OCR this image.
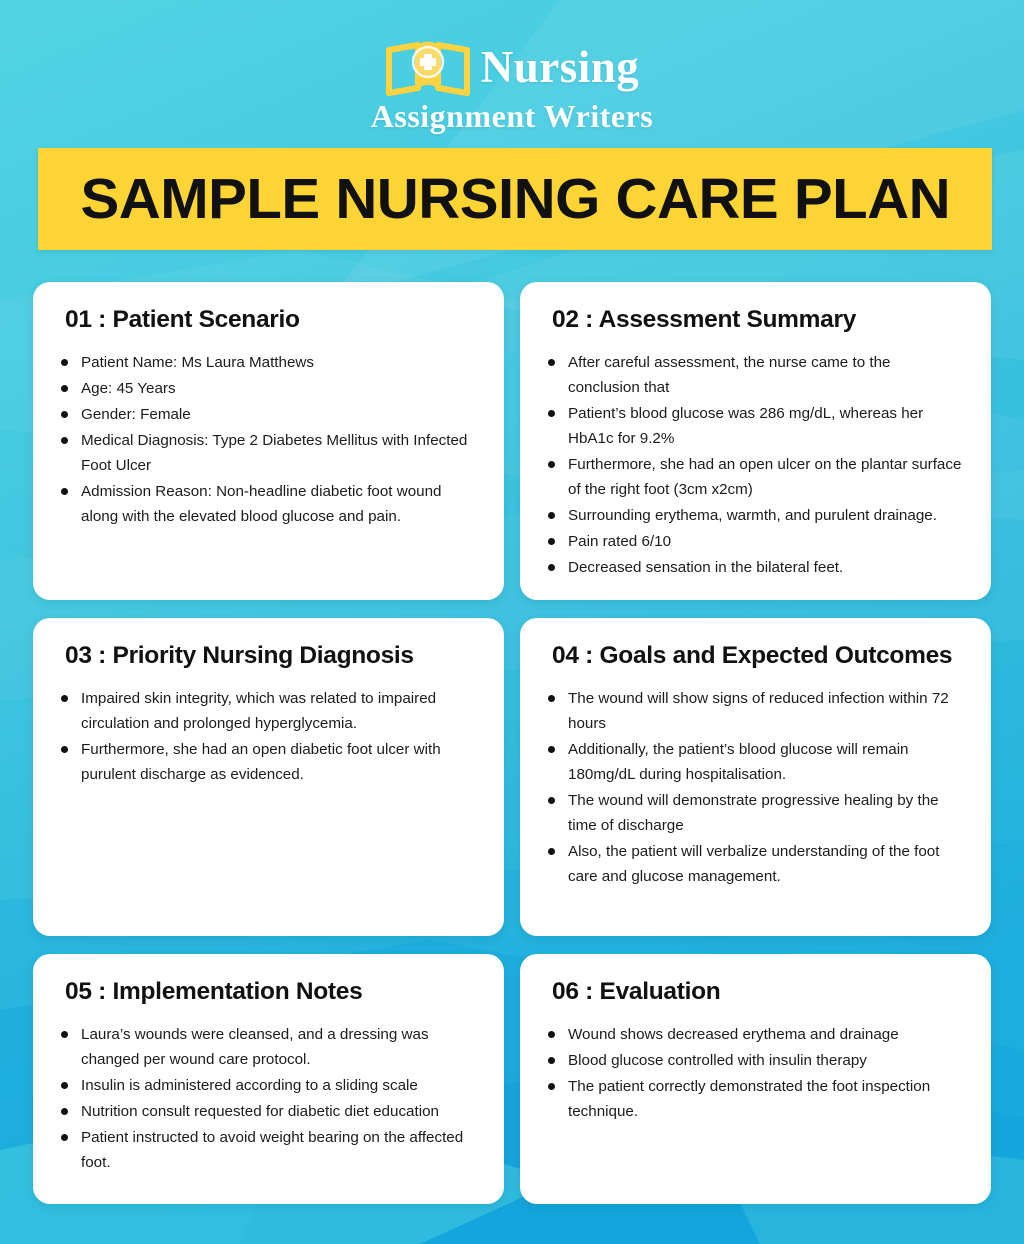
Nursing
Assignment Writers
SAMPLE NURSING CARE PLAN
01 : Patient Scenario
Patient Name: Ms Laura Matthews
Age: 45 Years
Gender: Female
Medical Diagnosis: Type 2 Diabetes Mellitus with Infected Foot Ulcer
Admission Reason: Non-headline diabetic foot wound along with the elevated blood glucose and pain.
02 : Assessment Summary
After careful assessment, the nurse came to the conclusion that
Patient’s blood glucose was 286 mg/dL, whereas her HbA1c for 9.2%
Furthermore, she had an open ulcer on the plantar surface of the right foot (3cm x2cm)
Surrounding erythema, warmth, and purulent drainage.
Pain rated 6/10
Decreased sensation in the bilateral feet.
03 : Priority Nursing Diagnosis
Impaired skin integrity, which was related to impaired circulation and prolonged hyperglycemia.
Furthermore, she had an open diabetic foot ulcer with purulent discharge as evidenced.
04 : Goals and Expected Outcomes
The wound will show signs of reduced infection within 72 hours
Additionally, the patient’s blood glucose will remain 180mg/dL during hospitalisation.
The wound will demonstrate progressive healing by the time of discharge
Also, the patient will verbalize understanding of the foot care and glucose management.
05 : Implementation Notes
Laura’s wounds were cleansed, and a dressing was changed per wound care protocol.
Insulin is administered according to a sliding scale
Nutrition consult requested for diabetic diet education
Patient instructed to avoid weight bearing on the affected foot.
06 : Evaluation
Wound shows decreased erythema and drainage
Blood glucose controlled with insulin therapy
The patient correctly demonstrated the foot inspection technique.
